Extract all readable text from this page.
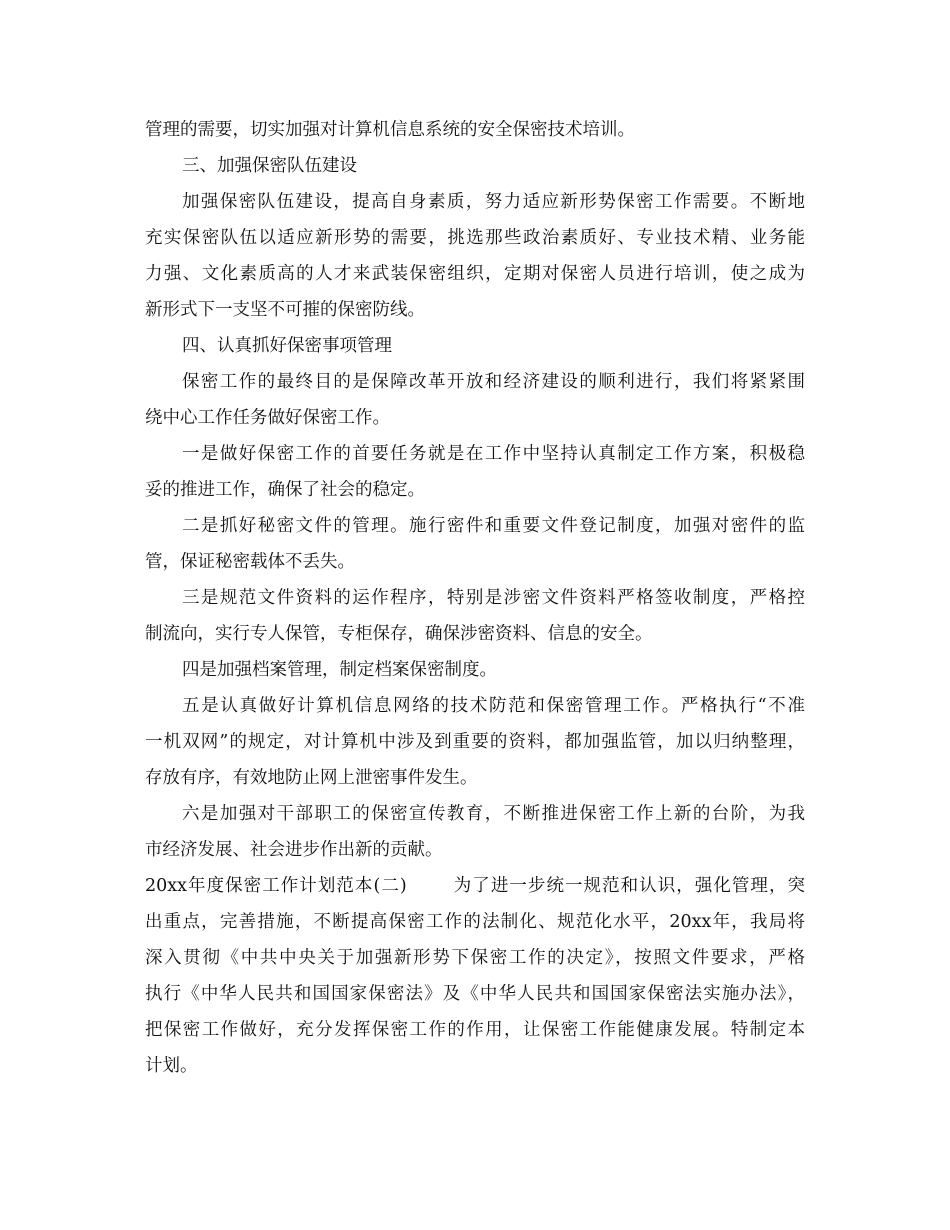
管理的需要，切实加强对计算机信息系统的安全保密技术培训。
三、加强保密队伍建设
加强保密队伍建设，提高自身素质，努力适应新形势保密工作需要。不断地
充实保密队伍以适应新形势的需要，挑选那些政治素质好、专业技术精、业务能
力强、文化素质高的人才来武装保密组织，定期对保密人员进行培训，使之成为
新形式下一支坚不可摧的保密防线。
四、认真抓好保密事项管理
保密工作的最终目的是保障改革开放和经济建设的顺利进行，我们将紧紧围
绕中心工作任务做好保密工作。
一是做好保密工作的首要任务就是在工作中坚持认真制定工作方案，积极稳
妥的推进工作，确保了社会的稳定。
二是抓好秘密文件的管理。施行密件和重要文件登记制度，加强对密件的监
管，保证秘密载体不丢失。
三是规范文件资料的运作程序，特别是涉密文件资料严格签收制度，严格控
制流向，实行专人保管，专柜保存，确保涉密资料、信息的安全。
四是加强档案管理，制定档案保密制度。
五是认真做好计算机信息网络的技术防范和保密管理工作。严格执行“不准
一机双网”的规定，对计算机中涉及到重要的资料，都加强监管，加以归纳整理，
存放有序，有效地防止网上泄密事件发生。
六是加强对干部职工的保密宣传教育，不断推进保密工作上新的台阶，为我
市经济发展、社会进步作出新的贡献。
20xx年度保密工作计划范本(二)	为了进一步统一规范和认识，强化管理，突
出重点，完善措施，不断提高保密工作的法制化、规范化水平，20xx年，我局将
深入贯彻《中共中央关于加强新形势下保密工作的决定》，按照文件要求，严格
执行《中华人民共和国国家保密法》及《中华人民共和国国家保密法实施办法》，
把保密工作做好，充分发挥保密工作的作用，让保密工作能健康发展。特制定本
计划。
